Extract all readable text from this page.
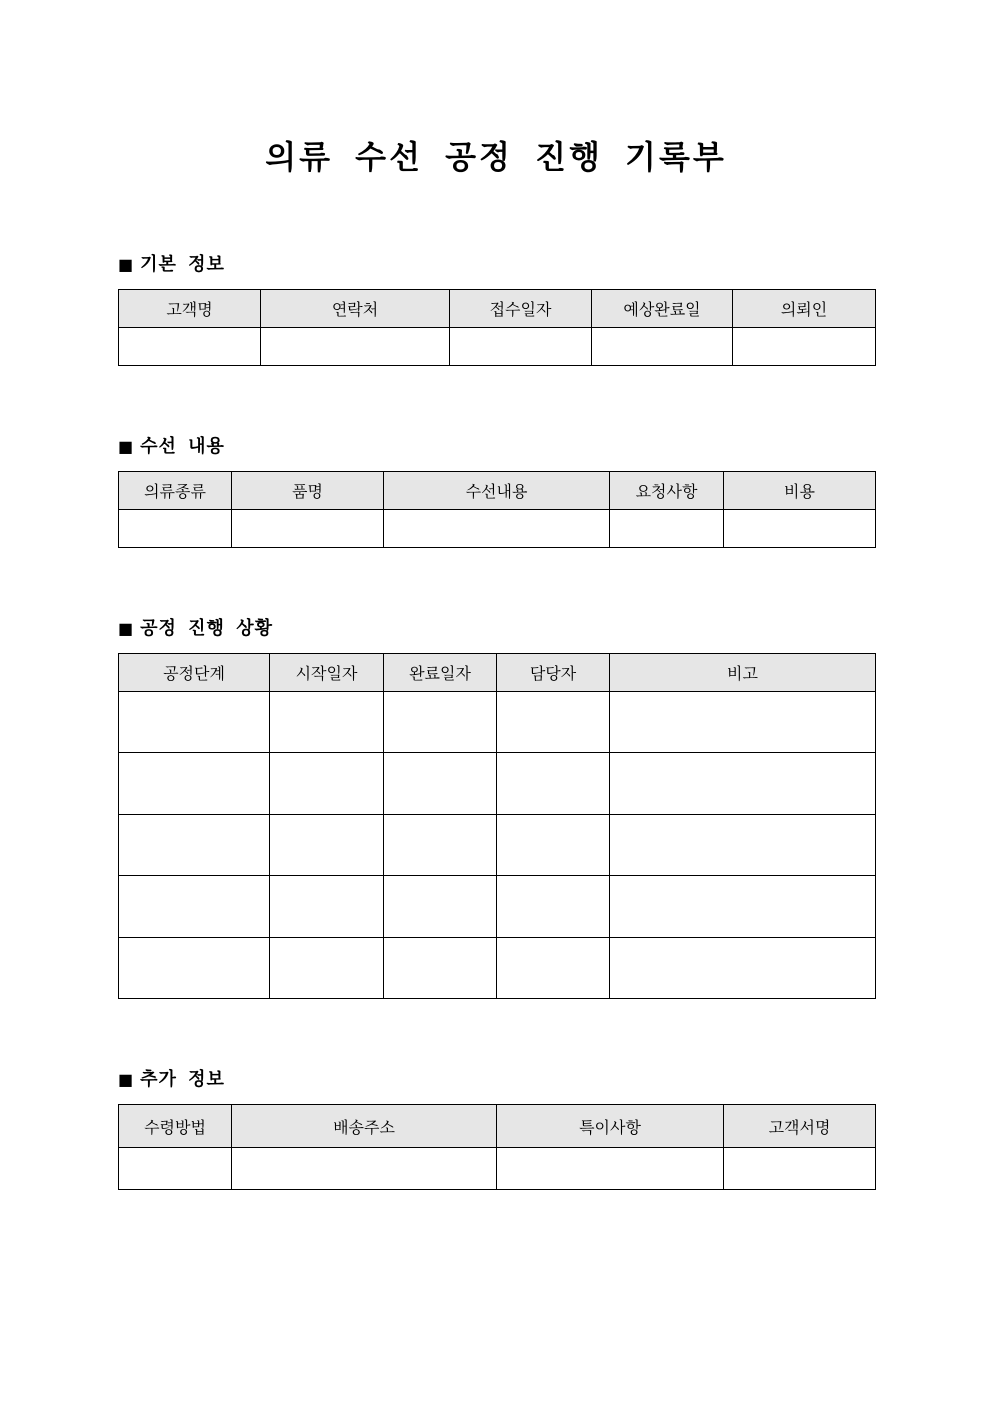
의류 수선 공정 진행 기록부
■ 기본 정보
고객명	연락처	접수일자	예상완료일	의뢰인

■ 수선 내용
의류종류	품명	수선내용	요청사항	비용

■ 공정 진행 상황
공정단계	시작일자	완료일자	담당자	비고

■ 추가 정보
수령방법	배송주소	특이사항	고객서명
